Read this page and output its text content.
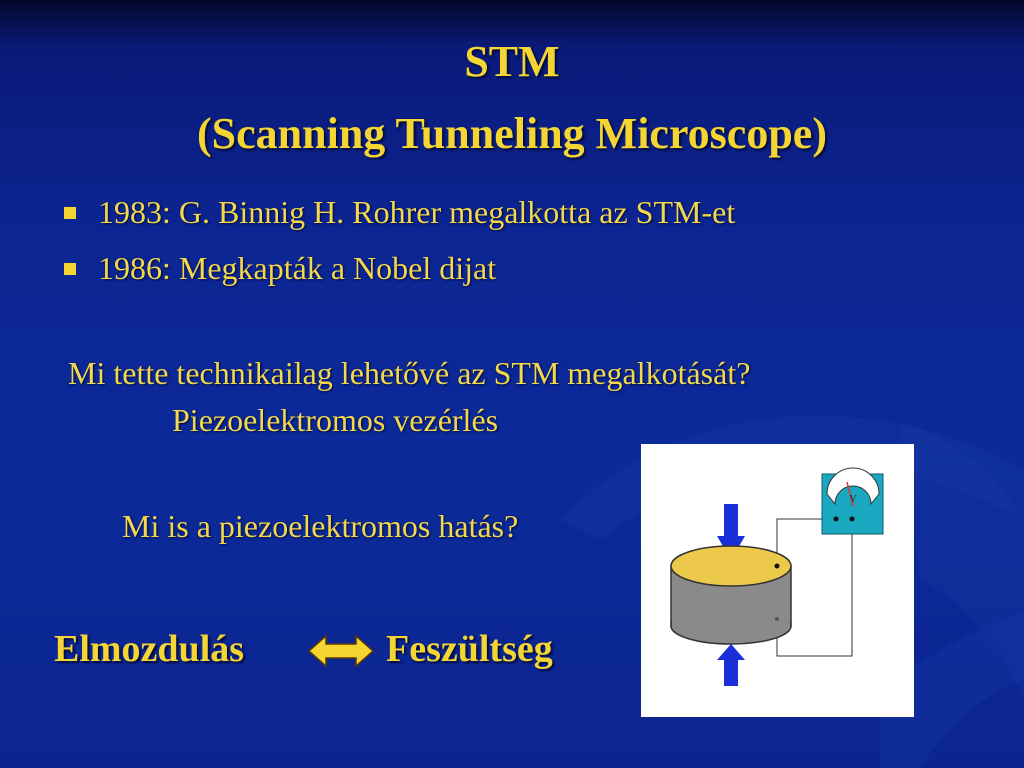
STM
(Scanning Tunneling Microscope)
1983: G. Binnig H. Rohrer megalkotta az STM-et
1986: Megkapták a Nobel dijat
Mi tette technikailag lehetővé az STM megalkotását?
Piezoelektromos vezérlés
Mi is a piezoelektromos hatás?
Elmozdulás	Feszültség
V
